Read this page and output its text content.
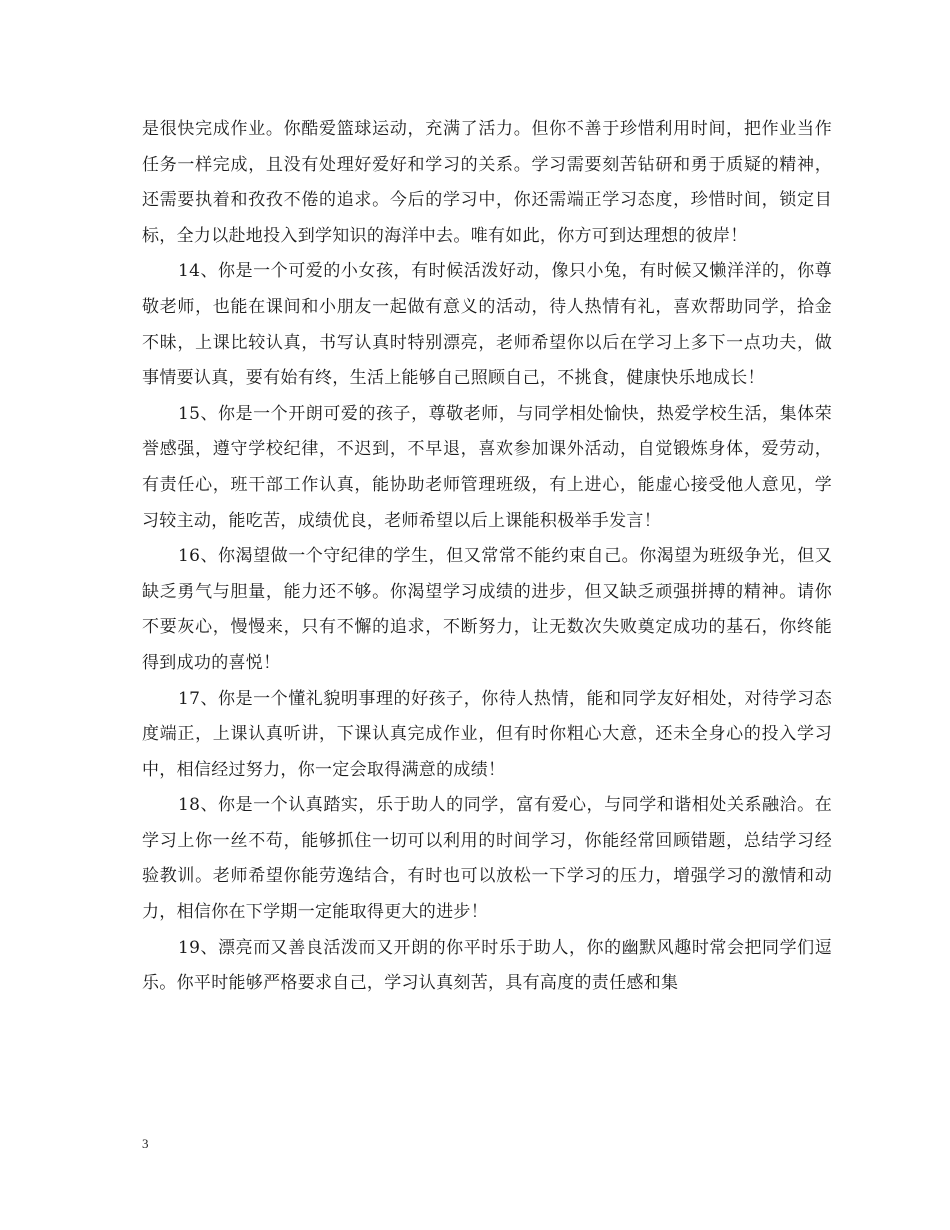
是很快完成作业。你酷爱篮球运动，充满了活力。但你不善于珍惜利用时间，把作业当作任务一样完成，且没有处理好爱好和学习的关系。学习需要刻苦钻研和勇于质疑的精神，还需要执着和孜孜不倦的追求。今后的学习中，你还需端正学习态度，珍惜时间，锁定目标，全力以赴地投入到学知识的海洋中去。唯有如此，你方可到达理想的彼岸！

14、你是一个可爱的小女孩，有时候活泼好动，像只小兔，有时候又懒洋洋的，你尊敬老师，也能在课间和小朋友一起做有意义的活动，待人热情有礼，喜欢帮助同学，拾金不昧，上课比较认真，书写认真时特别漂亮，老师希望你以后在学习上多下一点功夫，做事情要认真，要有始有终，生活上能够自己照顾自己，不挑食，健康快乐地成长！

15、你是一个开朗可爱的孩子，尊敬老师，与同学相处愉快，热爱学校生活，集体荣誉感强，遵守学校纪律，不迟到，不早退，喜欢参加课外活动，自觉锻炼身体，爱劳动，有责任心，班干部工作认真，能协助老师管理班级，有上进心，能虚心接受他人意见，学习较主动，能吃苦，成绩优良，老师希望以后上课能积极举手发言！

16、你渴望做一个守纪律的学生，但又常常不能约束自己。你渴望为班级争光，但又缺乏勇气与胆量，能力还不够。你渴望学习成绩的进步，但又缺乏顽强拼搏的精神。请你不要灰心，慢慢来，只有不懈的追求，不断努力，让无数次失败奠定成功的基石，你终能得到成功的喜悦！

17、你是一个懂礼貌明事理的好孩子，你待人热情，能和同学友好相处，对待学习态度端正，上课认真听讲，下课认真完成作业，但有时你粗心大意，还未全身心的投入学习中，相信经过努力，你一定会取得满意的成绩！

18、你是一个认真踏实，乐于助人的同学，富有爱心，与同学和谐相处关系融洽。在学习上你一丝不苟，能够抓住一切可以利用的时间学习，你能经常回顾错题，总结学习经验教训。老师希望你能劳逸结合，有时也可以放松一下学习的压力，增强学习的激情和动力，相信你在下学期一定能取得更大的进步！

19、漂亮而又善良活泼而又开朗的你平时乐于助人，你的幽默风趣时常会把同学们逗乐。你平时能够严格要求自己，学习认真刻苦，具有高度的责任感和集

3
